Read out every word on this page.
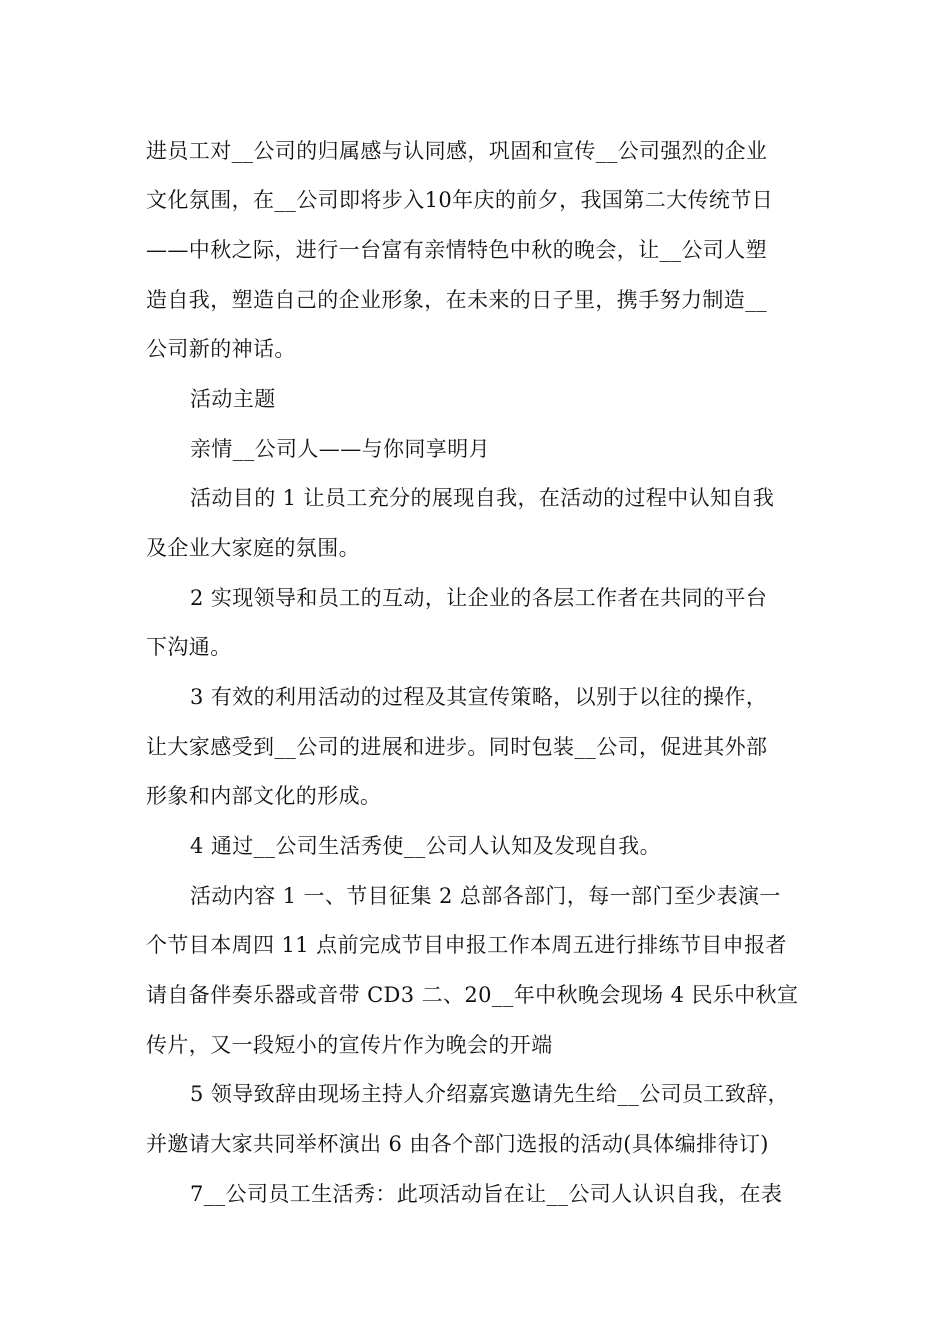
进员工对__公司的归属感与认同感，巩固和宣传__公司强烈的企业
文化氛围，在__公司即将步入10年庆的前夕，我国第二大传统节日
——中秋之际，进行一台富有亲情特色中秋的晚会，让__公司人塑
造自我，塑造自己的企业形象，在未来的日子里，携手努力制造__
公司新的神话。
活动主题
亲情__公司人——与你同享明月
活动目的 1 让员工充分的展现自我，在活动的过程中认知自我
及企业大家庭的氛围。
2 实现领导和员工的互动，让企业的各层工作者在共同的平台
下沟通。
3 有效的利用活动的过程及其宣传策略，以别于以往的操作，
让大家感受到__公司的进展和进步。同时包装__公司，促进其外部
形象和内部文化的形成。
4 通过__公司生活秀使__公司人认知及发现自我。
活动内容 1 一、节目征集 2 总部各部门，每一部门至少表演一
个节目本周四 11 点前完成节目申报工作本周五进行排练节目申报者
请自备伴奏乐器或音带 CD3 二、20__年中秋晚会现场 4 民乐中秋宣
传片，又一段短小的宣传片作为晚会的开端
5 领导致辞由现场主持人介绍嘉宾邀请先生给__公司员工致辞，
并邀请大家共同举杯演出 6 由各个部门选报的活动(具体编排待订)
7__公司员工生活秀：此项活动旨在让__公司人认识自我，在表
